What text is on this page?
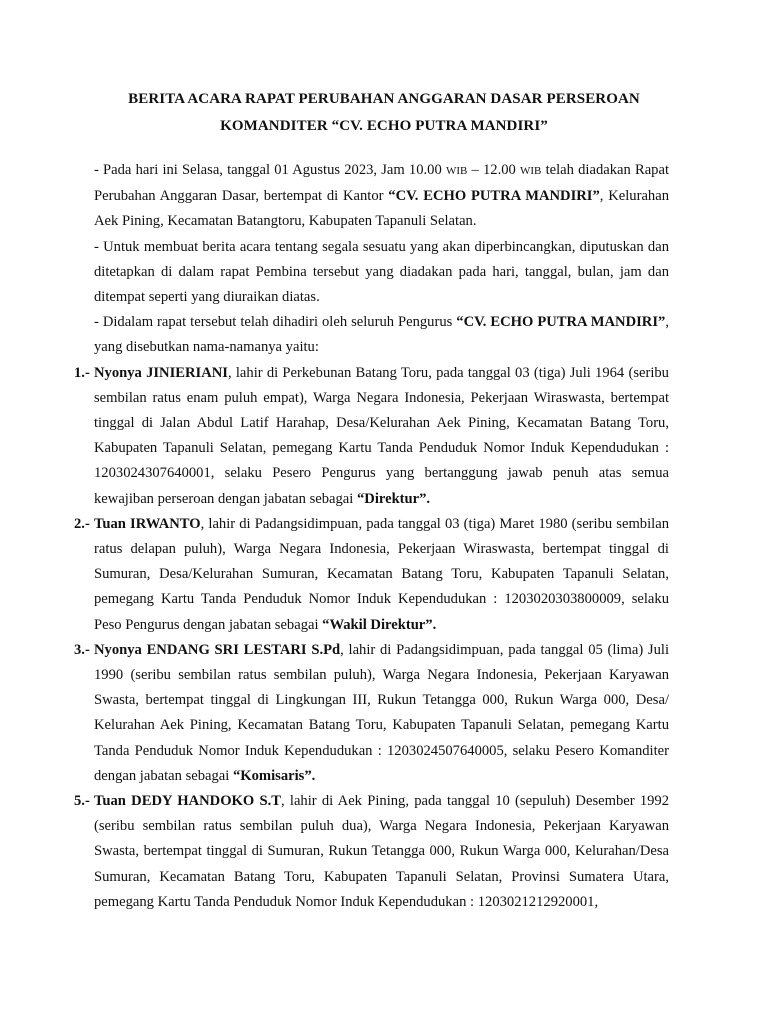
BERITA ACARA RAPAT PERUBAHAN ANGGARAN DASAR PERSEROAN
KOMANDITER “CV. ECHO PUTRA MANDIRI”

- Pada hari ini Selasa, tanggal 01 Agustus 2023, Jam 10.00 WIB – 12.00 WIB telah diadakan Rapat Perubahan Anggaran Dasar, bertempat di Kantor “CV. ECHO PUTRA MANDIRI”, Kelurahan Aek Pining, Kecamatan Batangtoru, Kabupaten Tapanuli Selatan.

- Untuk membuat berita acara tentang segala sesuatu yang akan diperbincangkan, diputuskan dan ditetapkan di dalam rapat Pembina tersebut yang diadakan pada hari, tanggal, bulan, jam dan ditempat seperti yang diuraikan diatas.

- Didalam rapat tersebut telah dihadiri oleh seluruh Pengurus “CV. ECHO PUTRA MANDIRI”, yang disebutkan nama-namanya yaitu:

1.- Nyonya JINIERIANI, lahir di Perkebunan Batang Toru, pada tanggal 03 (tiga) Juli 1964 (seribu sembilan ratus enam puluh empat), Warga Negara Indonesia, Pekerjaan Wiraswasta, bertempat tinggal di Jalan Abdul Latif Harahap, Desa/Kelurahan Aek Pining, Kecamatan Batang Toru, Kabupaten Tapanuli Selatan, pemegang Kartu Tanda Penduduk Nomor Induk Kependudukan : 1203024307640001, selaku Pesero Pengurus yang bertanggung jawab penuh atas semua kewajiban perseroan dengan jabatan sebagai “Direktur”.

2.- Tuan IRWANTO, lahir di Padangsidimpuan, pada tanggal 03 (tiga) Maret 1980 (seribu sembilan ratus delapan puluh), Warga Negara Indonesia, Pekerjaan Wiraswasta, bertempat tinggal di Sumuran, Desa/Kelurahan Sumuran, Kecamatan Batang Toru, Kabupaten Tapanuli Selatan, pemegang Kartu Tanda Penduduk Nomor Induk Kependudukan : 1203020303800009, selaku Peso Pengurus dengan jabatan sebagai “Wakil Direktur”.

3.- Nyonya ENDANG SRI LESTARI S.Pd, lahir di Padangsidimpuan, pada tanggal 05 (lima) Juli 1990 (seribu sembilan ratus sembilan puluh), Warga Negara Indonesia, Pekerjaan Karyawan Swasta, bertempat tinggal di Lingkungan III, Rukun Tetangga 000, Rukun Warga 000, Desa/ Kelurahan Aek Pining, Kecamatan Batang Toru, Kabupaten Tapanuli Selatan, pemegang Kartu Tanda Penduduk Nomor Induk Kependudukan : 1203024507640005, selaku Pesero Komanditer dengan jabatan sebagai “Komisaris”.

5.- Tuan DEDY HANDOKO S.T, lahir di Aek Pining, pada tanggal 10 (sepuluh) Desember 1992 (seribu sembilan ratus sembilan puluh dua), Warga Negara Indonesia, Pekerjaan Karyawan Swasta, bertempat tinggal di Sumuran, Rukun Tetangga 000, Rukun Warga 000, Kelurahan/Desa Sumuran, Kecamatan Batang Toru, Kabupaten Tapanuli Selatan, Provinsi Sumatera Utara, pemegang Kartu Tanda Penduduk Nomor Induk Kependudukan : 1203021212920001,
